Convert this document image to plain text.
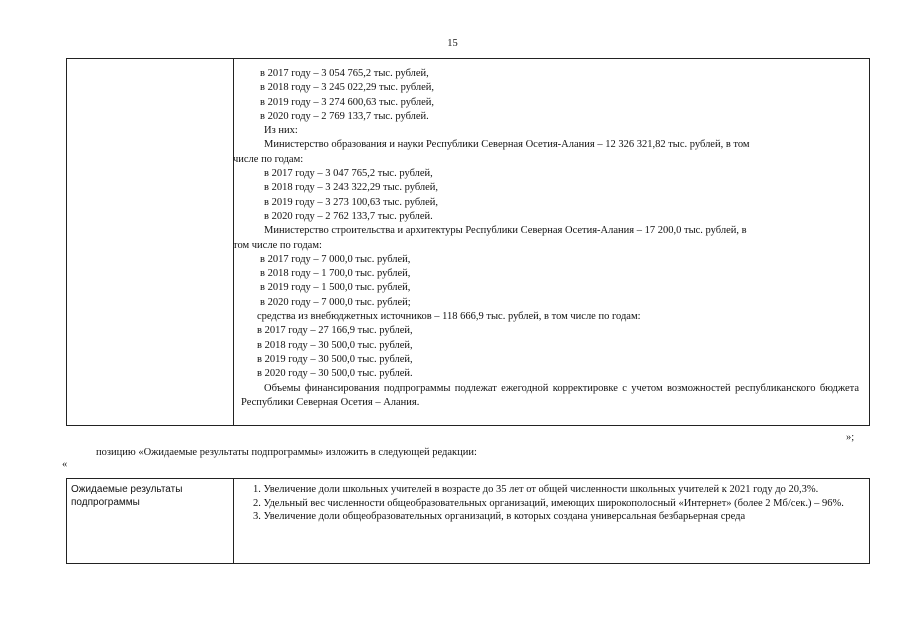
15
в 2017 году – 3 054 765,2 тыс. рублей,
в 2018 году – 3 245 022,29 тыс. рублей,
в 2019 году – 3 274 600,63 тыс. рублей,
в 2020 году – 2 769 133,7 тыс. рублей.
Из них:
Министерство образования и науки Республики Северная Осетия-Алания – 12 326 321,82 тыс. рублей, в том
числе по годам:
в 2017 году – 3 047 765,2 тыс. рублей,
в 2018 году – 3 243 322,29 тыс. рублей,
в 2019 году – 3 273 100,63 тыс. рублей,
в 2020 году – 2 762 133,7 тыс. рублей.
Министерство строительства и архитектуры Республики Северная Осетия-Алания – 17 200,0 тыс. рублей, в
том числе по годам:
в 2017 году – 7 000,0 тыс. рублей,
в 2018 году – 1 700,0 тыс. рублей,
в 2019 году – 1 500,0 тыс. рублей,
в 2020 году – 7 000,0 тыс. рублей;
средства из внебюджетных источников – 118 666,9 тыс. рублей, в том числе по годам:
в 2017 году – 27 166,9 тыс. рублей,
в 2018 году – 30 500,0 тыс. рублей,
в 2019 году – 30 500,0 тыс. рублей,
в 2020 году – 30 500,0 тыс. рублей.
Объемы финансирования подпрограммы подлежат ежегодной корректировке с учетом возможностей республиканского бюджета Республики Северная Осетия – Алания.
»;
позицию «Ожидаемые результаты подпрограммы» изложить в следующей редакции:
«
Ожидаемые результаты подпрограммы

1. Увеличение доли школьных учителей в возрасте до 35 лет от общей численности школьных учителей к 2021 году до 20,3%.

2. Удельный вес численности общеобразовательных организаций, имеющих широкополосный «Интернет» (более 2 Мб/сек.) – 96%.

3. Увеличение доли общеобразовательных организаций, в которых создана универсальная безбарьерная среда
